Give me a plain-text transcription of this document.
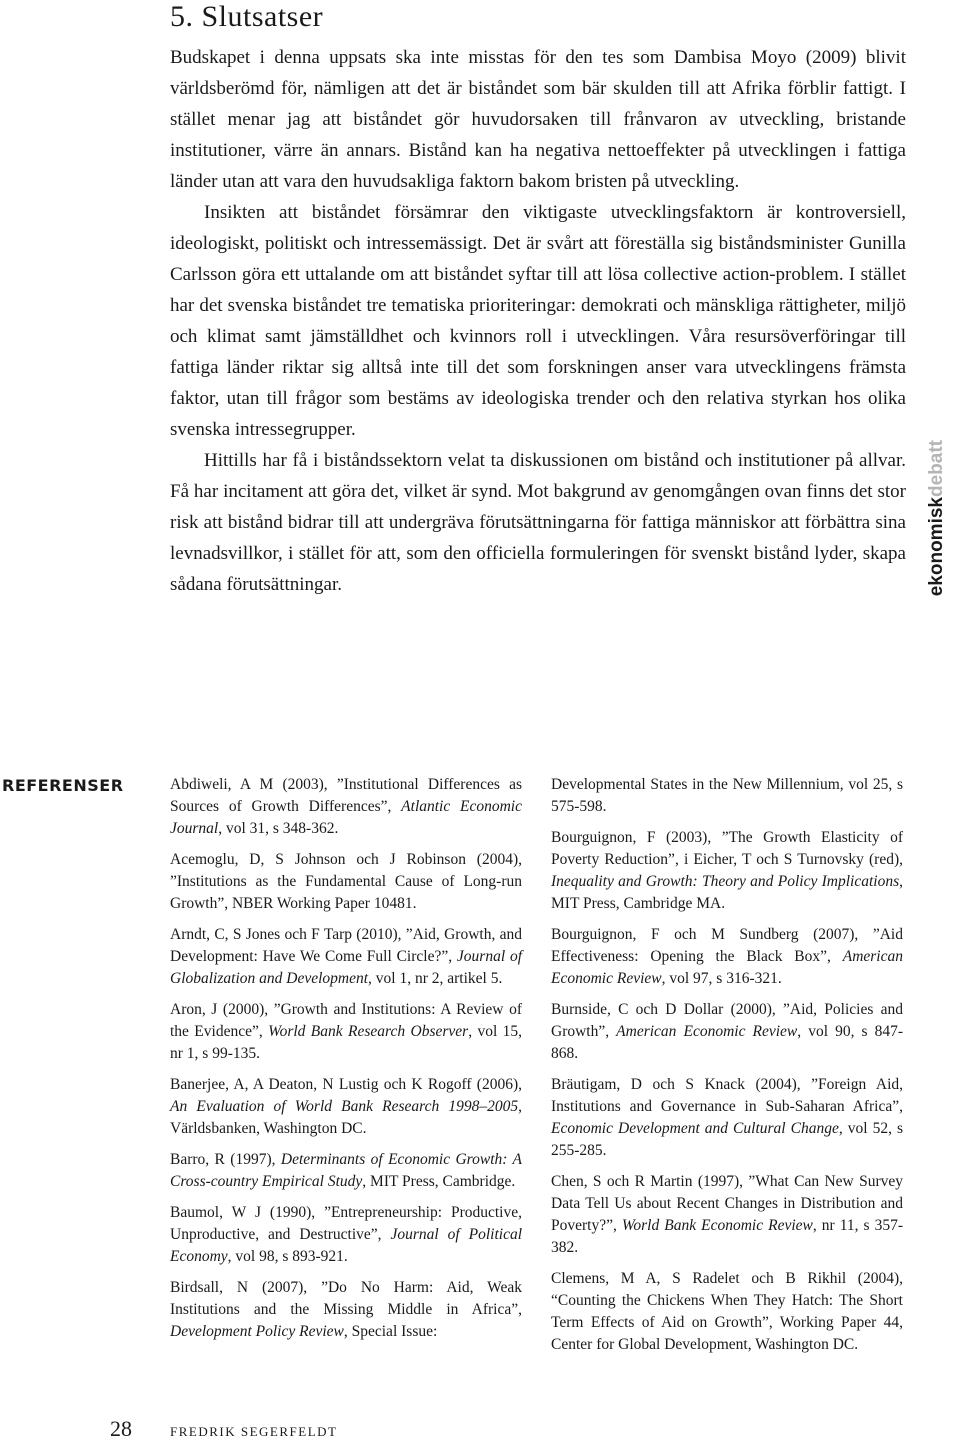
5. Slutsatser

Budskapet i denna uppsats ska inte misstas för den tes som Dambisa Moyo (2009) blivit världsberömd för, nämligen att det är biståndet som bär skulden till att Afrika förblir fattigt. I stället menar jag att biståndet gör huvudorsaken till frånvaron av utveckling, bristande institutioner, värre än annars. Bistånd kan ha negativa nettoeffekter på utvecklingen i fattiga länder utan att vara den huvudsakliga faktorn bakom bristen på utveckling.

Insikten att biståndet försämrar den viktigaste utvecklingsfaktorn är kontroversiell, ideologiskt, politiskt och intressemässigt. Det är svårt att föreställa sig biståndsminister Gunilla Carlsson göra ett uttalande om att biståndet syftar till att lösa collective action-problem. I stället har det svenska biståndet tre tematiska prioriteringar: demokrati och mänskliga rättigheter, miljö och klimat samt jämställdhet och kvinnors roll i utvecklingen. Våra resursöverföringar till fattiga länder riktar sig alltså inte till det som forskningen anser vara utvecklingens främsta faktor, utan till frågor som bestäms av ideologiska trender och den relativa styrkan hos olika svenska intressegrupper.

Hittills har få i biståndssektorn velat ta diskussionen om bistånd och institutioner på allvar. Få har incitament att göra det, vilket är synd. Mot bakgrund av genomgången ovan finns det stor risk att bistånd bidrar till att undergräva förutsättningarna för fattiga människor att förbättra sina levnadsvillkor, i stället för att, som den officiella formuleringen för svenskt bistånd lyder, skapa sådana förutsättningar.	ekonomiskdebatt
REFERENSER	Abdiweli, A M (2003), ”Institutional Differences as Sources of Growth Differences”, Atlantic Economic Journal, vol 31, s 348-362.

Acemoglu, D, S Johnson och J Robinson (2004), ”Institutions as the Fundamental Cause of Long-run Growth”, NBER Working Paper 10481.

Arndt, C, S Jones och F Tarp (2010), ”Aid, Growth, and Development: Have We Come Full Circle?”, Journal of Globalization and Development, vol 1, nr 2, artikel 5.

Aron, J (2000), ”Growth and Institutions: A Review of the Evidence”, World Bank Research Observer, vol 15, nr 1, s 99-135.

Banerjee, A, A Deaton, N Lustig och K Rogoff (2006), An Evaluation of World Bank Research 1998–2005, Världsbanken, Washington DC.

Barro, R (1997), Determinants of Economic Growth: A Cross-country Empirical Study, MIT Press, Cambridge.

Baumol, W J (1990), ”Entrepreneurship: Productive, Unproductive, and Destructive”, Journal of Political Economy, vol 98, s 893-921.

Birdsall, N (2007), ”Do No Harm: Aid, Weak Institutions and the Missing Middle in Africa”, Development Policy Review, Special Issue:

Developmental States in the New Millennium, vol 25, s 575-598.

Bourguignon, F (2003), ”The Growth Elasticity of Poverty Reduction”, i Eicher, T och S Turnovsky (red), Inequality and Growth: Theory and Policy Implications, MIT Press, Cambridge MA.

Bourguignon, F och M Sundberg (2007), ”Aid Effectiveness: Opening the Black Box”, American Economic Review, vol 97, s 316-321.

Burnside, C och D Dollar (2000), ”Aid, Policies and Growth”, American Economic Review, vol 90, s 847-868.

Bräutigam, D och S Knack (2004), ”Foreign Aid, Institutions and Governance in Sub-Saharan Africa”, Economic Development and Cultural Change, vol 52, s 255-285.

Chen, S och R Martin (1997), ”What Can New Survey Data Tell Us about Recent Changes in Distribution and Poverty?”, World Bank Economic Review, nr 11, s 357-382.

Clemens, M A, S Radelet och B Rikhil (2004), “Counting the Chickens When They Hatch: The Short Term Effects of Aid on Growth”, Working Paper 44, Center for Global Development, Washington DC.

28	FREDRIK SEGERFELDT
